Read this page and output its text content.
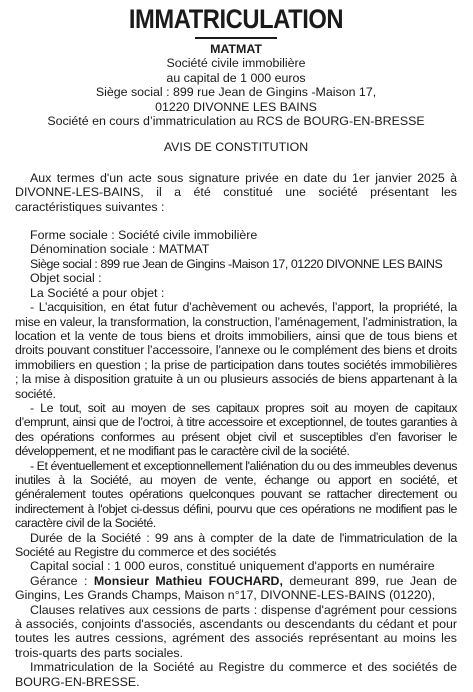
IMMATRICULATION
MATMAT
Société civile immobilière
au capital de 1 000 euros
Siège social : 899 rue Jean de Gingins -Maison 17,
01220 DIVONNE LES BAINS
Société en cours d’immatriculation au RCS de BOURG-EN-BRESSE
AVIS DE CONSTITUTION

Aux termes d'un acte sous signature privée en date du 1er janvier 2025 à DIVONNE-LES-BAINS, il a été constitué une société présentant les caractéristiques suivantes :

Forme sociale : Société civile immobilière

Dénomination sociale : MATMAT

Siège social : 899 rue Jean de Gingins -Maison 17, 01220 DIVONNE LES BAINS

Objet social :

La Société a pour objet :

- L’acquisition, en état futur d’achèvement ou achevés, l’apport, la propriété, la mise en valeur, la transformation, la construction, l’aménagement, l’administration, la location et la vente de tous biens et droits immobiliers, ainsi que de tous biens et droits pouvant constituer l’accessoire, l’annexe ou le complément des biens et droits immobiliers en question ; la prise de participation dans toutes sociétés immobilières ; la mise à disposition gratuite à un ou plusieurs associés de biens appartenant à la société.

- Le tout, soit au moyen de ses capitaux propres soit au moyen de capitaux d’emprunt, ainsi que de l’octroi, à titre accessoire et exceptionnel, de toutes garanties à des opérations conformes au présent objet civil et susceptibles d’en favoriser le développement, et ne modifiant pas le caractère civil de la société.

- Et éventuellement et exceptionnellement l'aliénation du ou des immeubles devenus inutiles à la Société, au moyen de vente, échange ou apport en société, et généralement toutes opérations quelconques pouvant se rattacher directement ou indirectement à l'objet ci-dessus défini, pourvu que ces opérations ne modifient pas le caractère civil de la Société.

Durée de la Société : 99 ans à compter de la date de l'immatriculation de la Société au Registre du commerce et des sociétés

Capital social : 1 000 euros, constitué uniquement d'apports en numéraire

Gérance : Monsieur Mathieu FOUCHARD, demeurant 899, rue Jean de Gingins, Les Grands Champs, Maison n°17, DIVONNE-LES-BAINS (01220),

Clauses relatives aux cessions de parts : dispense d'agrément pour cessions à associés, conjoints d'associés, ascendants ou descendants du cédant et pour toutes les autres cessions, agrément des associés représentant au moins les trois-quarts des parts sociales.

Immatriculation de la Société au Registre du commerce et des sociétés de BOURG-EN-BRESSE.
